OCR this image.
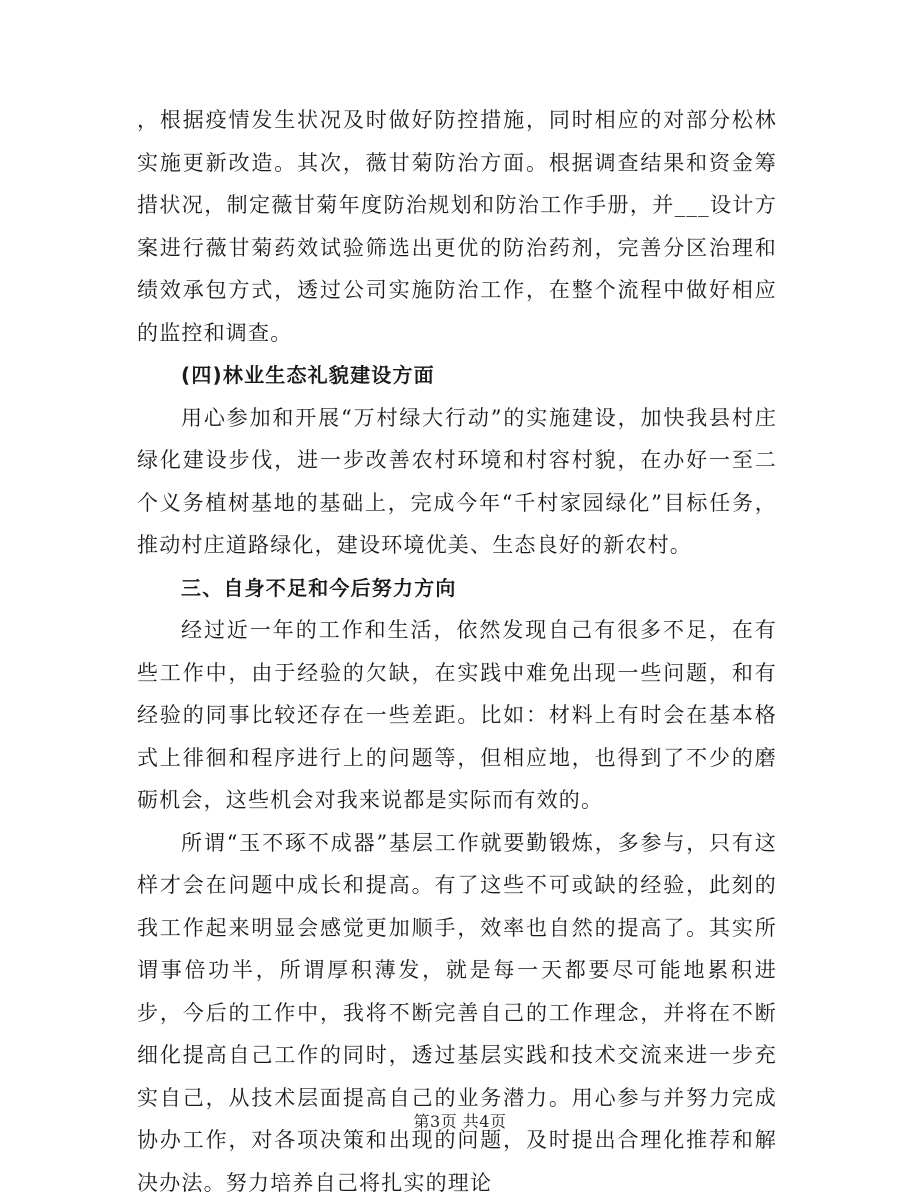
，根据疫情发生状况及时做好防控措施，同时相应的对部分松林实施更新改造。其次，薇甘菊防治方面。根据调查结果和资金筹措状况，制定薇甘菊年度防治规划和防治工作手册，并___设计方案进行薇甘菊药效试验筛选出更优的防治药剂，完善分区治理和绩效承包方式，透过公司实施防治工作，在整个流程中做好相应的监控和调查。

(四)林业生态礼貌建设方面

用心参加和开展“万村绿大行动”的实施建设，加快我县村庄绿化建设步伐，进一步改善农村环境和村容村貌，在办好一至二个义务植树基地的基础上，完成今年“千村家园绿化”目标任务，推动村庄道路绿化，建设环境优美、生态良好的新农村。

三、自身不足和今后努力方向

经过近一年的工作和生活，依然发现自己有很多不足，在有些工作中，由于经验的欠缺，在实践中难免出现一些问题，和有经验的同事比较还存在一些差距。比如：材料上有时会在基本格式上徘徊和程序进行上的问题等，但相应地，也得到了不少的磨砺机会，这些机会对我来说都是实际而有效的。

所谓“玉不琢不成器”基层工作就要勤锻炼，多参与，只有这样才会在问题中成长和提高。有了这些不可或缺的经验，此刻的我工作起来明显会感觉更加顺手，效率也自然的提高了。其实所谓事倍功半，所谓厚积薄发，就是每一天都要尽可能地累积进步，今后的工作中，我将不断完善自己的工作理念，并将在不断细化提高自己工作的同时，透过基层实践和技术交流来进一步充实自己，从技术层面提高自己的业务潜力。用心参与并努力完成协办工作，对各项决策和出现的问题，及时提出合理化推荐和解决办法。努力培养自己将扎实的理论

第3页 共4页
